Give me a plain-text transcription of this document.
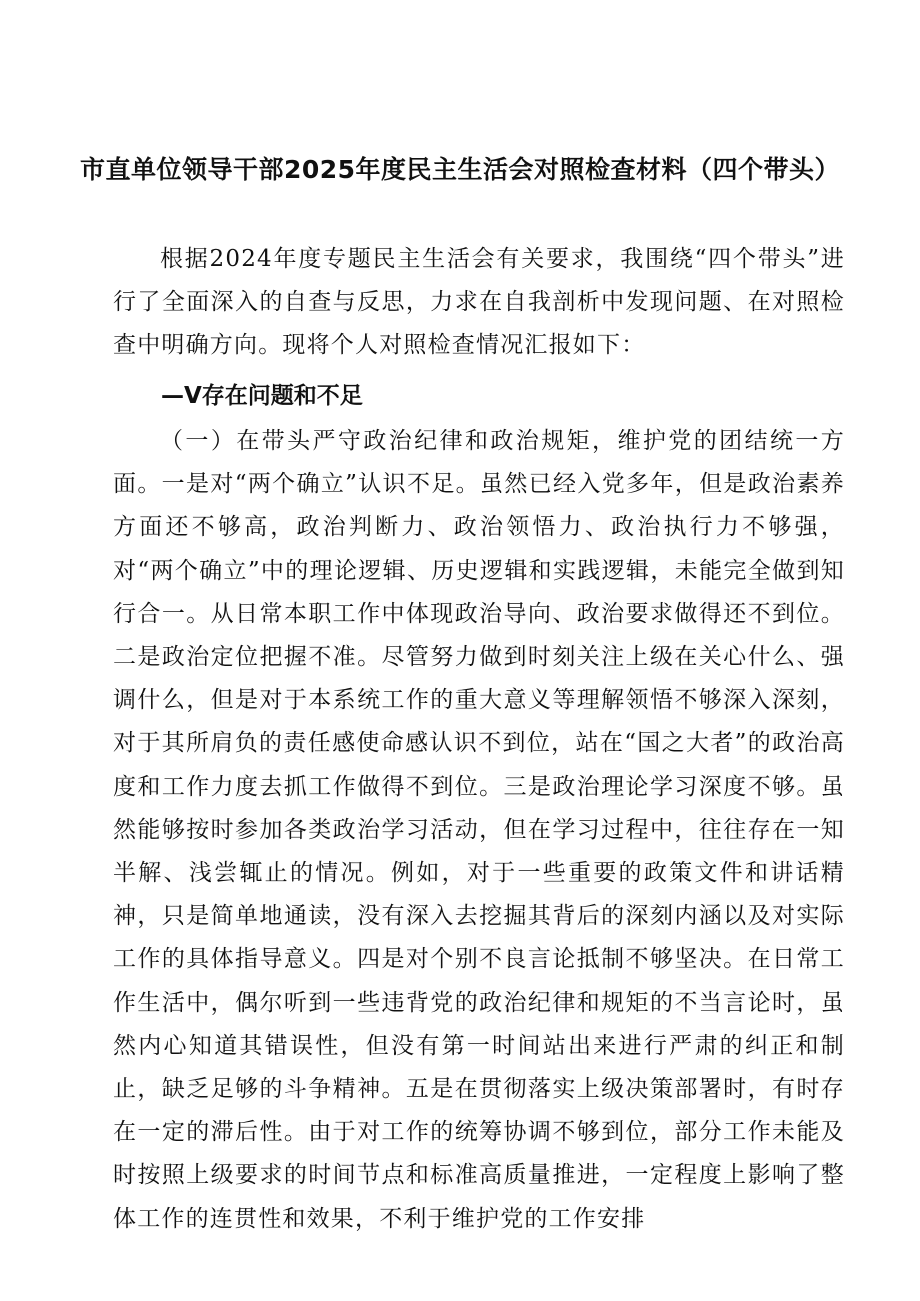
市直单位领导干部2025年度民主生活会对照检查材料（四个带头）
根据2024年度专题民主生活会有关要求，我围绕“四个带头”进行了全面深入的自查与反思，力求在自我剖析中发现问题、在对照检查中明确方向。现将个人对照检查情况汇报如下：
—V存在问题和不足
（一）在带头严守政治纪律和政治规矩，维护党的团结统一方面。一是对“两个确立”认识不足。虽然已经入党多年，但是政治素养方面还不够高，政治判断力、政治领悟力、政治执行力不够强，对“两个确立”中的理论逻辑、历史逻辑和实践逻辑，未能完全做到知行合一。从日常本职工作中体现政治导向、政治要求做得还不到位。二是政治定位把握不准。尽管努力做到时刻关注上级在关心什么、强调什么，但是对于本系统工作的重大意义等理解领悟不够深入深刻，对于其所肩负的责任感使命感认识不到位，站在“国之大者”的政治高度和工作力度去抓工作做得不到位。三是政治理论学习深度不够。虽然能够按时参加各类政治学习活动，但在学习过程中，往往存在一知半解、浅尝辄止的情况。例如，对于一些重要的政策文件和讲话精神，只是简单地通读，没有深入去挖掘其背后的深刻内涵以及对实际工作的具体指导意义。四是对个别不良言论抵制不够坚决。在日常工作生活中，偶尔听到一些违背党的政治纪律和规矩的不当言论时，虽然内心知道其错误性，但没有第一时间站出来进行严肃的纠正和制止，缺乏足够的斗争精神。五是在贯彻落实上级决策部署时，有时存在一定的滞后性。由于对工作的统筹协调不够到位，部分工作未能及时按照上级要求的时间节点和标准高质量推进，一定程度上影响了整体工作的连贯性和效果，不利于维护党的工作安排
